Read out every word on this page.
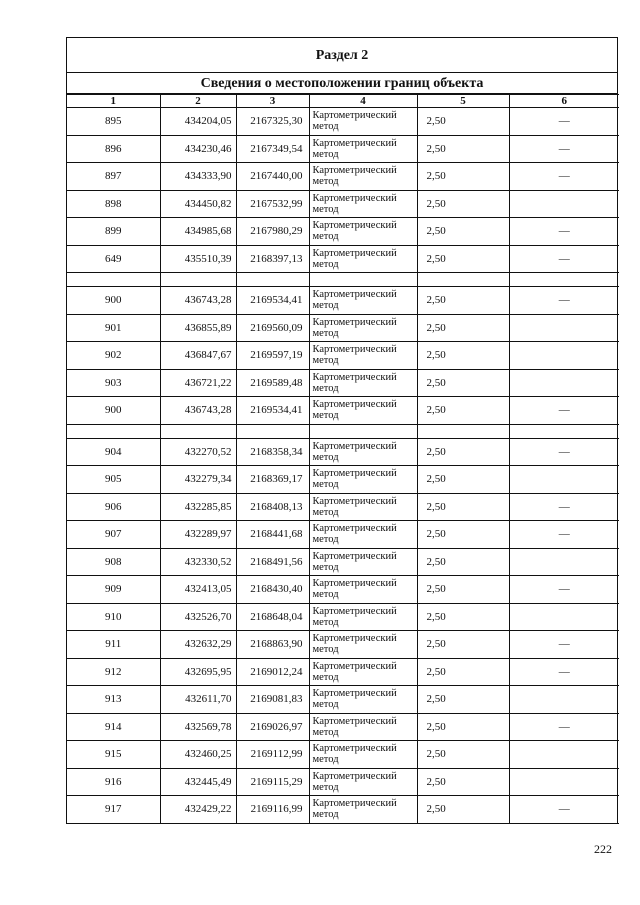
Раздел 2
Сведения о местоположении границ объекта
1	2	3	4	5	6
895	434204,05	2167325,30	Картометрический метод	2,50	—
896	434230,46	2167349,54	Картометрический метод	2,50	—
897	434333,90	2167440,00	Картометрический метод	2,50	—
898	434450,82	2167532,99	Картометрический метод	2,50	
899	434985,68	2167980,29	Картометрический метод	2,50	—
649	435510,39	2168397,13	Картометрический метод	2,50	—

900	436743,28	2169534,41	Картометрический метод	2,50	—
901	436855,89	2169560,09	Картометрический метод	2,50	
902	436847,67	2169597,19	Картометрический метод	2,50	
903	436721,22	2169589,48	Картометрический метод	2,50	
900	436743,28	2169534,41	Картометрический метод	2,50	—

904	432270,52	2168358,34	Картометрический метод	2,50	—
905	432279,34	2168369,17	Картометрический метод	2,50	
906	432285,85	2168408,13	Картометрический метод	2,50	—
907	432289,97	2168441,68	Картометрический метод	2,50	—
908	432330,52	2168491,56	Картометрический метод	2,50	
909	432413,05	2168430,40	Картометрический метод	2,50	—
910	432526,70	2168648,04	Картометрический метод	2,50	
911	432632,29	2168863,90	Картометрический метод	2,50	—
912	432695,95	2169012,24	Картометрический метод	2,50	—
913	432611,70	2169081,83	Картометрический метод	2,50	
914	432569,78	2169026,97	Картометрический метод	2,50	—
915	432460,25	2169112,99	Картометрический метод	2,50	
916	432445,49	2169115,29	Картометрический метод	2,50	
917	432429,22	2169116,99	Картометрический метод	2,50	—
222
